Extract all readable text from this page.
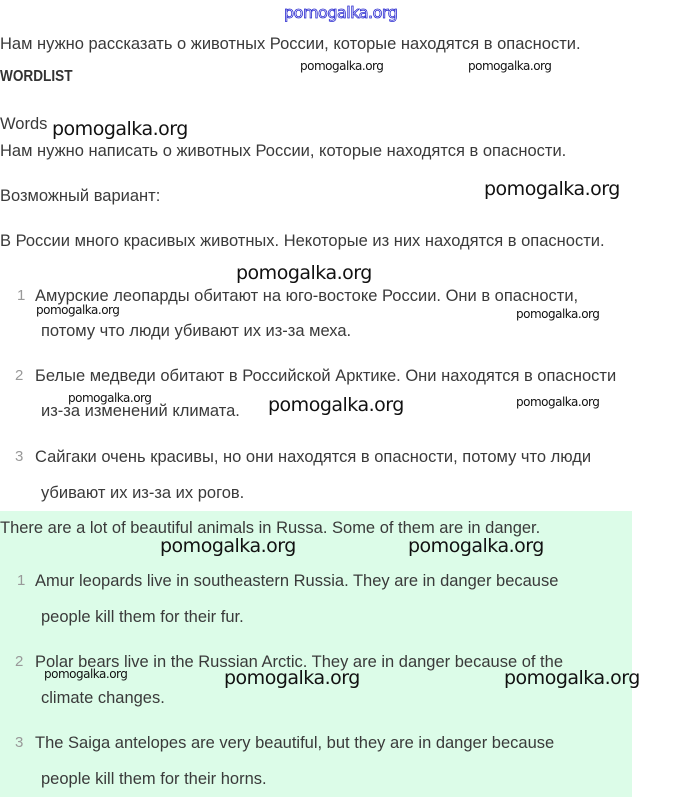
pomogalka.org
Нам нужно рассказать о животных России, которые находятся в опасности.
WORDLIST
pomogalka.org	pomogalka.org
Words pomogalka.org
Нам нужно написать о животных России, которые находятся в опасности.
Возможный вариант:	pomogalka.org
В России много красивых животных. Некоторые из них находятся в опасности.
pomogalka.org
1 Амурские леопарды обитают на юго-востоке России. Они в опасности,
потому что люди убивают их из-за меха.
pomogalka.org	pomogalka.org
2 Белые медведи обитают в Российской Арктике. Они находятся в опасности
из-за изменений климата.
pomogalka.org	pomogalka.org	pomogalka.org
3 Сайгаки очень красивы, но они находятся в опасности, потому что люди
убивают их из-за их рогов.
There are a lot of beautiful animals in Russa. Some of them are in danger.
pomogalka.org	pomogalka.org
1 Amur leopards live in southeastern Russia. They are in danger because
people kill them for their fur.
2 Polar bears live in the Russian Arctic. They are in danger because of the
climate changes.
pomogalka.org	pomogalka.org	pomogalka.org
3 The Saiga antelopes are very beautiful, but they are in danger because
people kill them for their horns.
